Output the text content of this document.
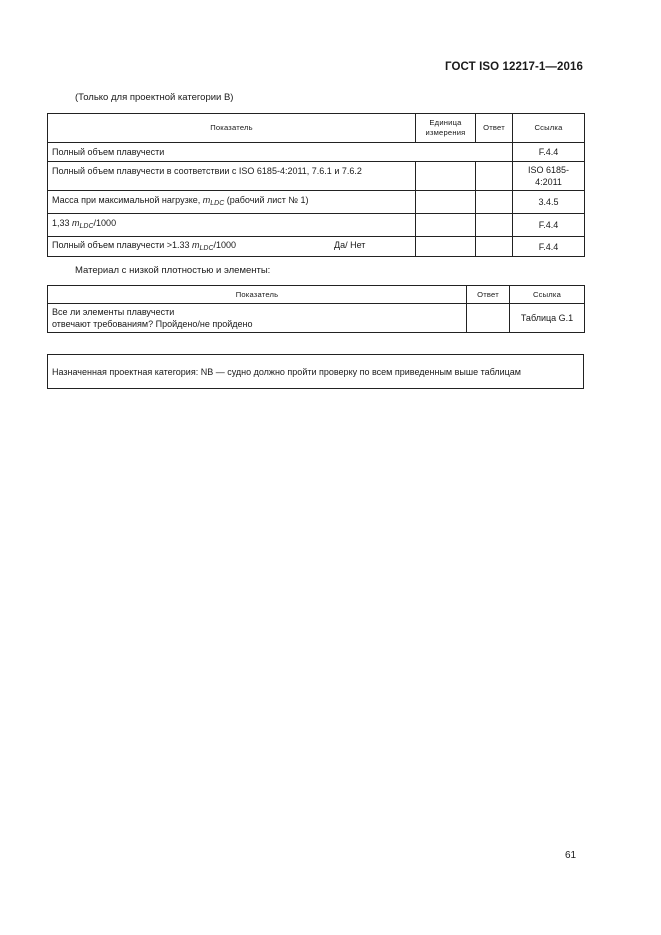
ГОСТ ISO 12217-1—2016
(Только для проектной категории В)
Показатель	Единица измерения	Ответ	Ссылка
Полный объем плавучести			F.4.4
Полный объем плавучести в соответствии с ISO 6185-4:2011, 7.6.1 и 7.6.2			ISO 6185-4:2011
Масса при максимальной нагрузке, $m_{LDC}$ (рабочий лист № 1)			3.4.5
1,33 $m_{LDC}/1000$			F.4.4
Полный объем плавучести >1.33 $m_{LDC}/1000$ Да/ Нет			F.4.4
Материал с низкой плотностью и элементы:
Показатель	Ответ	Ссылка

Все ли элементы плавучести
отвечают требованиям? Пройдено/не пройдено		Таблица G.1
Назначенная проектная категория: NB — судно должно пройти проверку по всем приведенным выше таблицам
61
